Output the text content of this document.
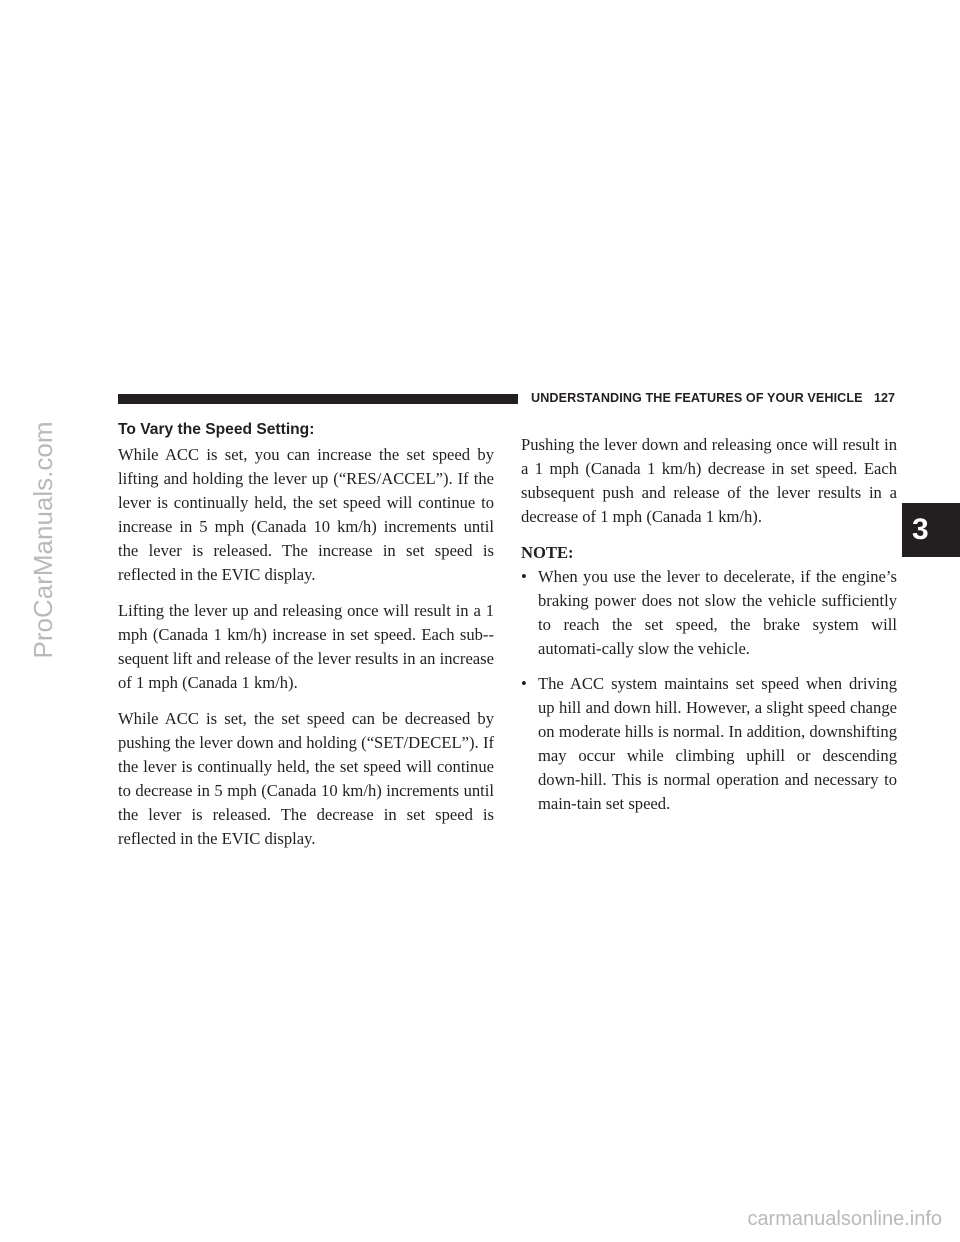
UNDERSTANDING THE FEATURES OF YOUR VEHICLE 127
To Vary the Speed Setting:

While ACC is set, you can increase the set speed by lifting and holding the lever up (“RES/ACCEL”). If the lever is continually held, the set speed will continue to increase in 5 mph (Canada 10 km/h) increments until the lever is released. The increase in set speed is reflected in the EVIC display.

Lifting the lever up and releasing once will result in a 1 mph (Canada 1 km/h) increase in set speed. Each sub-sequent lift and release of the lever results in an increase of 1 mph (Canada 1 km/h).

While ACC is set, the set speed can be decreased by pushing the lever down and holding (“SET/DECEL”). If the lever is continually held, the set speed will continue to decrease in 5 mph (Canada 10 km/h) increments until the lever is released. The decrease in set speed is reflected in the EVIC display.

Pushing the lever down and releasing once will result in a 1 mph (Canada 1 km/h) decrease in set speed. Each subsequent push and release of the lever results in a decrease of 1 mph (Canada 1 km/h).

NOTE:
• When you use the lever to decelerate, if the engine’s braking power does not slow the vehicle sufficiently to reach the set speed, the brake system will automati-cally slow the vehicle.
• The ACC system maintains set speed when driving up hill and down hill. However, a slight speed change on moderate hills is normal. In addition, downshifting may occur while climbing uphill or descending down-hill. This is normal operation and necessary to main-tain set speed.
3
ProCarManuals.com
carmanualsonline.info
